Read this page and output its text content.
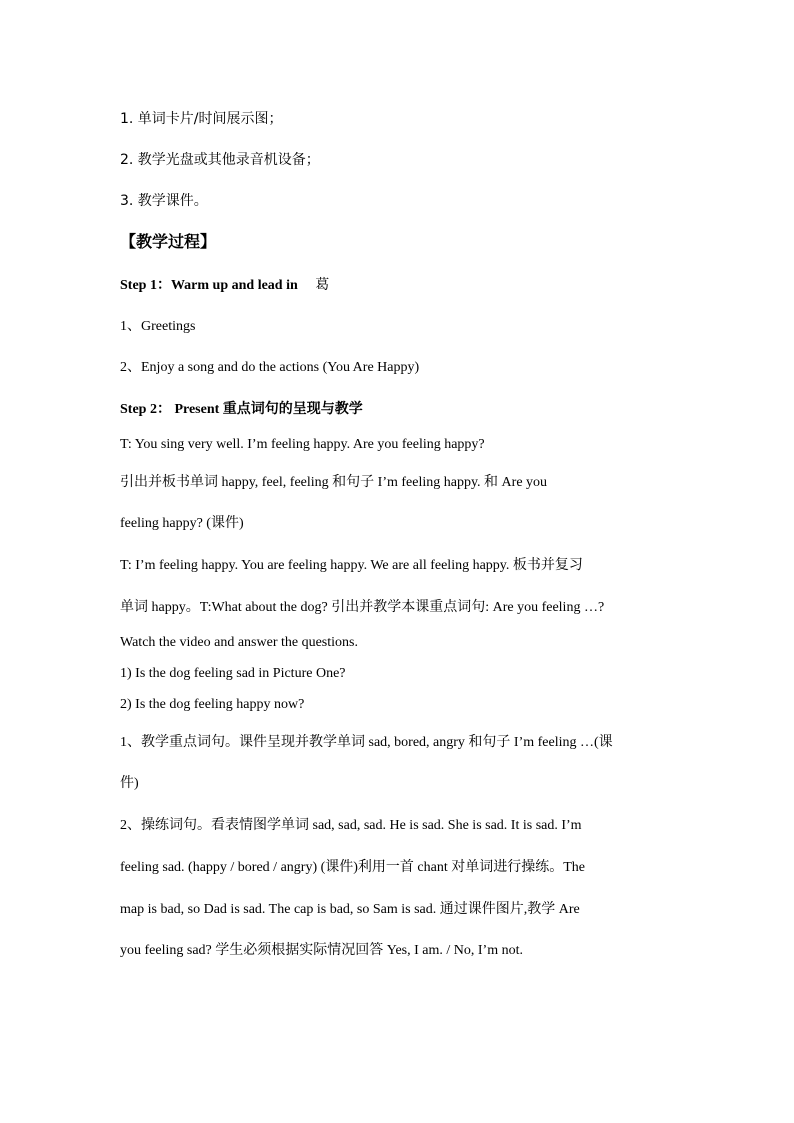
1. 单词卡片/时间展示图；
2. 教学光盘或其他录音机设备；
3. 教学课件。
【教学过程】
Step 1：Warm up and lead in 葛
1、Greetings
2、Enjoy a song and do the actions (You Are Happy)
Step 2： Present 重点词句的呈现与教学
T: You sing very well. I’m feeling happy. Are you feeling happy?
引出并板书单词 happy, feel, feeling 和句子 I’m feeling happy. 和 Are you
feeling happy? (课件)
T: I’m feeling happy. You are feeling happy. We are all feeling happy. 板书并复习
单词 happy。T:What about the dog? 引出并教学本课重点词句: Are you feeling …?
Watch the video and answer the questions.
1) Is the dog feeling sad in Picture One?
2) Is the dog feeling happy now?
1、教学重点词句。课件呈现并教学单词 sad, bored, angry 和句子 I’m feeling …(课
件)
2、操练词句。看表情图学单词 sad, sad, sad. He is sad. She is sad. It is sad. I’m
feeling sad. (happy / bored / angry) (课件)利用一首 chant 对单词进行操练。The
map is bad, so Dad is sad. The cap is bad, so Sam is sad. 通过课件图片,教学 Are
you feeling sad? 学生必须根据实际情况回答 Yes, I am. / No, I’m not.
